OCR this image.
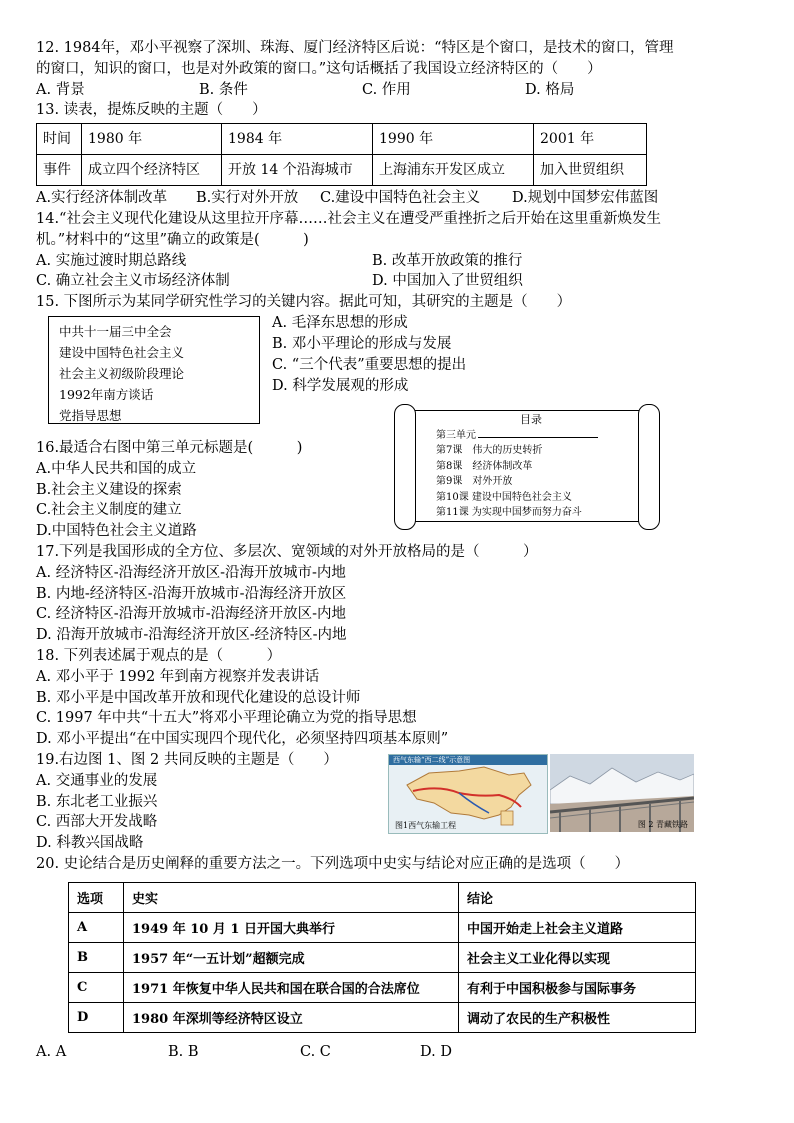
12. 1984年，邓小平视察了深圳、珠海、厦门经济特区后说：“特区是个窗口，是技术的窗口，管理
的窗口，知识的窗口，也是对外政策的窗口。”这句话概括了我国设立经济特区的（　　）
A. 背景	B. 条件	C. 作用	D. 格局
13. 读表，提炼反映的主题（　　）
时间	1980 年	1984 年	1990 年	2001 年
事件	成立四个经济特区	开放 14 个沿海城市	上海浦东开发区成立	加入世贸组织
A.实行经济体制改革	B.实行对外开放	C.建设中国特色社会主义	D.规划中国梦宏伟蓝图
14.“社会主义现代化建设从这里拉开序幕……社会主义在遭受严重挫折之后开始在这里重新焕发生
机。”材料中的“这里”确立的政策是(　　　)
A. 实施过渡时期总路线	B. 改革开放政策的推行
C. 确立社会主义市场经济体制	D. 中国加入了世贸组织
15. 下图所示为某同学研究性学习的关键内容。据此可知，其研究的主题是（　　）
中共十一届三中全会
建设中国特色社会主义
社会主义初级阶段理论
1992年南方谈话
党指导思想
A. 毛泽东思想的形成
B. 邓小平理论的形成与发展
C. “三个代表”重要思想的提出
D. 科学发展观的形成
目录
第三单元
第7课　伟大的历史转折
第8课　经济体制改革
第9课　对外开放
第10课 建设中国特色社会主义
第11课 为实现中国梦而努力奋斗
16.最适合右图中第三单元标题是(　　　)
A.中华人民共和国的成立
B.社会主义建设的探索
C.社会主义制度的建立
D.中国特色社会主义道路
17.下列是我国形成的全方位、多层次、宽领域的对外开放格局的是（　　　）
A. 经济特区-沿海经济开放区-沿海开放城市-内地
B. 内地-经济特区-沿海开放城市-沿海经济开放区
C. 经济特区-沿海开放城市-沿海经济开放区-内地
D. 沿海开放城市-沿海经济开放区-经济特区-内地
18. 下列表述属于观点的是（　　　）
A. 邓小平于 1992 年到南方视察并发表讲话
B. 邓小平是中国改革开放和现代化建设的总设计师
C. 1997 年中共“十五大”将邓小平理论确立为党的指导思想
D. 邓小平提出“在中国实现四个现代化，必须坚持四项基本原则”
19.右边图 1、图 2 共同反映的主题是（　　）
A. 交通事业的发展
B. 东北老工业振兴
C. 西部大开发战略
D. 科教兴国战略
20. 史论结合是历史阐释的重要方法之一。下列选项中史实与结论对应正确的是选项（　　）
西气东输“西二线”示意图
图1西气东输工程	图 2 青藏铁路
选项	史实	结论
A	1949 年 10 月 1 日开国大典举行	中国开始走上社会主义道路
B	1957 年“一五计划”超额完成	社会主义工业化得以实现
C	1971 年恢复中华人民共和国在联合国的合法席位	有利于中国积极参与国际事务
D	1980 年深圳等经济特区设立	调动了农民的生产积极性
A. A	B. B	C. C	D. D
